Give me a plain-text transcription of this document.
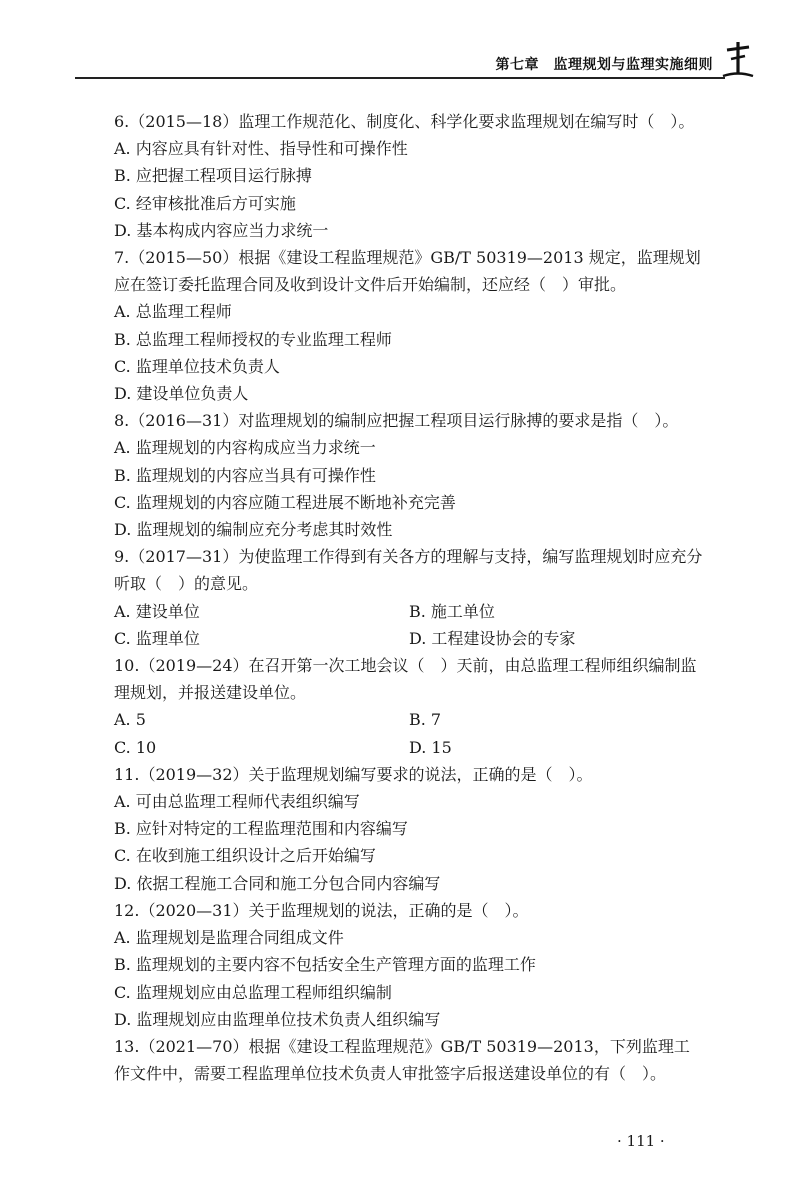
第七章　监理规划与监理实施细则

6.（2015—18）监理工作规范化、制度化、科学化要求监理规划在编写时（　）。

A. 内容应具有针对性、指导性和可操作性

B. 应把握工程项目运行脉搏

C. 经审核批准后方可实施

D. 基本构成内容应当力求统一

7.（2015—50）根据《建设工程监理规范》GB/T 50319—2013 规定，监理规划应在签订委托监理合同及收到设计文件后开始编制，还应经（　）审批。

A. 总监理工程师

B. 总监理工程师授权的专业监理工程师

C. 监理单位技术负责人

D. 建设单位负责人

8.（2016—31）对监理规划的编制应把握工程项目运行脉搏的要求是指（　）。

A. 监理规划的内容构成应当力求统一

B. 监理规划的内容应当具有可操作性

C. 监理规划的内容应随工程进展不断地补充完善

D. 监理规划的编制应充分考虑其时效性

9.（2017—31）为使监理工作得到有关各方的理解与支持，编写监理规划时应充分听取（　）的意见。

A. 建设单位	B. 施工单位

C. 监理单位	D. 工程建设协会的专家

10.（2019—24）在召开第一次工地会议（　）天前，由总监理工程师组织编制监理规划，并报送建设单位。

A. 5	B. 7

C. 10	D. 15

11.（2019—32）关于监理规划编写要求的说法，正确的是（　）。

A. 可由总监理工程师代表组织编写

B. 应针对特定的工程监理范围和内容编写

C. 在收到施工组织设计之后开始编写

D. 依据工程施工合同和施工分包合同内容编写

12.（2020—31）关于监理规划的说法，正确的是（　）。

A. 监理规划是监理合同组成文件

B. 监理规划的主要内容不包括安全生产管理方面的监理工作

C. 监理规划应由总监理工程师组织编制

D. 监理规划应由监理单位技术负责人组织编写

13.（2021—70）根据《建设工程监理规范》GB/T 50319—2013，下列监理工作文件中，需要工程监理单位技术负责人审批签字后报送建设单位的有（　）。

· 111 ·
